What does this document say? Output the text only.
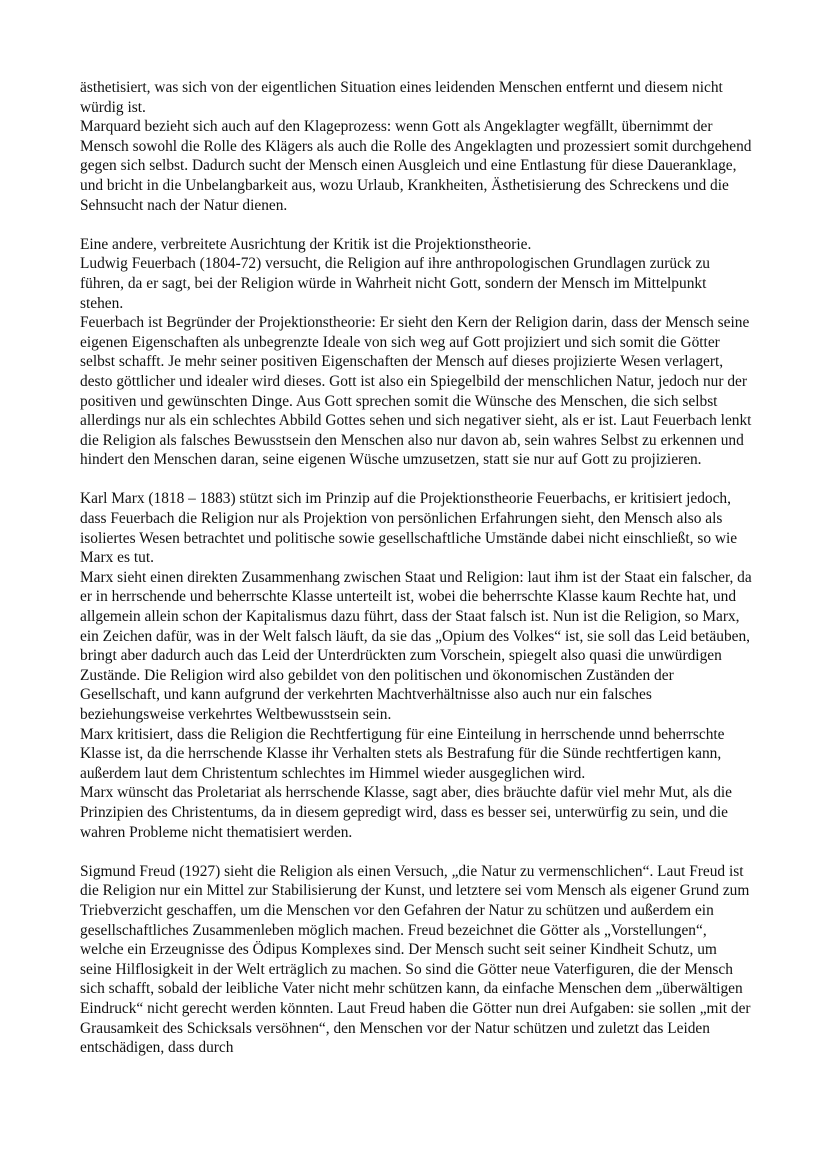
ästhetisiert, was sich von der eigentlichen Situation eines leidenden Menschen entfernt und diesem nicht würdig ist.

Marquard bezieht sich auch auf den Klageprozess: wenn Gott als Angeklagter wegfällt, übernimmt der Mensch sowohl die Rolle des Klägers als auch die Rolle des Angeklagten und prozessiert somit durchgehend gegen sich selbst. Dadurch sucht der Mensch einen Ausgleich und eine Entlastung für diese Daueranklage, und bricht in die Unbelangbarkeit aus, wozu Urlaub, Krankheiten, Ästhetisierung des Schreckens und die Sehnsucht nach der Natur dienen.

Eine andere, verbreitete Ausrichtung der Kritik ist die Projektionstheorie.

Ludwig Feuerbach (1804-72) versucht, die Religion auf ihre anthropologischen Grundlagen zurück zu führen, da er sagt, bei der Religion würde in Wahrheit nicht Gott, sondern der Mensch im Mittelpunkt stehen.

Feuerbach ist Begründer der Projektionstheorie: Er sieht den Kern der Religion darin, dass der Mensch seine eigenen Eigenschaften als unbegrenzte Ideale von sich weg auf Gott projiziert und sich somit die Götter selbst schafft. Je mehr seiner positiven Eigenschaften der Mensch auf dieses projizierte Wesen verlagert, desto göttlicher und idealer wird dieses. Gott ist also ein Spiegelbild der menschlichen Natur, jedoch nur der positiven und gewünschten Dinge. Aus Gott sprechen somit die Wünsche des Menschen, die sich selbst allerdings nur als ein schlechtes Abbild Gottes sehen und sich negativer sieht, als er ist. Laut Feuerbach lenkt die Religion als falsches Bewusstsein den Menschen also nur davon ab, sein wahres Selbst zu erkennen und hindert den Menschen daran, seine eigenen Wüsche umzusetzen, statt sie nur auf Gott zu projizieren.

Karl Marx (1818 – 1883) stützt sich im Prinzip auf die Projektionstheorie Feuerbachs, er kritisiert jedoch, dass Feuerbach die Religion nur als Projektion von persönlichen Erfahrungen sieht, den Mensch also als isoliertes Wesen betrachtet und politische sowie gesellschaftliche Umstände dabei nicht einschließt, so wie Marx es tut.

Marx sieht einen direkten Zusammenhang zwischen Staat und Religion: laut ihm ist der Staat ein falscher, da er in herrschende und beherrschte Klasse unterteilt ist, wobei die beherrschte Klasse kaum Rechte hat, und allgemein allein schon der Kapitalismus dazu führt, dass der Staat falsch ist. Nun ist die Religion, so Marx, ein Zeichen dafür, was in der Welt falsch läuft, da sie das „Opium des Volkes“ ist, sie soll das Leid betäuben, bringt aber dadurch auch das Leid der Unterdrückten zum Vorschein, spiegelt also quasi die unwürdigen Zustände. Die Religion wird also gebildet von den politischen und ökonomischen Zuständen der Gesellschaft, und kann aufgrund der verkehrten Machtverhältnisse also auch nur ein falsches beziehungsweise verkehrtes Weltbewusstsein sein.

Marx kritisiert, dass die Religion die Rechtfertigung für eine Einteilung in herrschende unnd beherrschte Klasse ist, da die herrschende Klasse ihr Verhalten stets als Bestrafung für die Sünde rechtfertigen kann, außerdem laut dem Christentum schlechtes im Himmel wieder ausgeglichen wird.

Marx wünscht das Proletariat als herrschende Klasse, sagt aber, dies bräuchte dafür viel mehr Mut, als die Prinzipien des Christentums, da in diesem gepredigt wird, dass es besser sei, unterwürfig zu sein, und die wahren Probleme nicht thematisiert werden.

Sigmund Freud (1927) sieht die Religion als einen Versuch, „die Natur zu vermenschlichen“. Laut Freud ist die Religion nur ein Mittel zur Stabilisierung der Kunst, und letztere sei vom Mensch als eigener Grund zum Triebverzicht geschaffen, um die Menschen vor den Gefahren der Natur zu schützen und außerdem ein gesellschaftliches Zusammenleben möglich machen. Freud bezeichnet die Götter als „Vorstellungen“, welche ein Erzeugnisse des Ödipus Komplexes sind. Der Mensch sucht seit seiner Kindheit Schutz, um seine Hilflosigkeit in der Welt erträglich zu machen. So sind die Götter neue Vaterfiguren, die der Mensch sich schafft, sobald der leibliche Vater nicht mehr schützen kann, da einfache Menschen dem „überwältigen Eindruck“ nicht gerecht werden könnten. Laut Freud haben die Götter nun drei Aufgaben: sie sollen „mit der Grausamkeit des Schicksals versöhnen“, den Menschen vor der Natur schützen und zuletzt das Leiden entschädigen, dass durch
